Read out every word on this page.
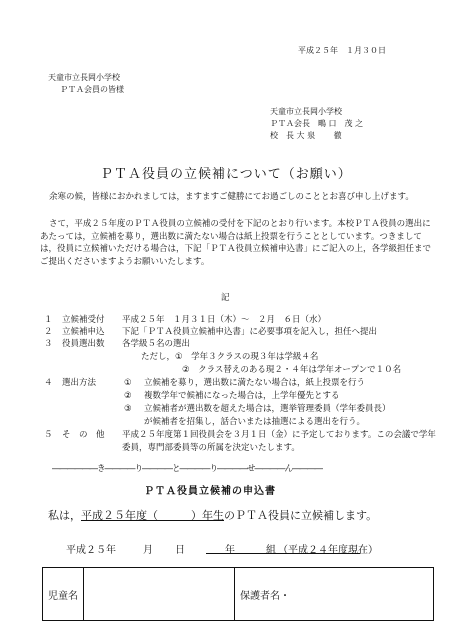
平成２５年　１月３０日
天童市立長岡小学校
ＰＴＡ会員の皆様
天童市立長岡小学校
ＰＴＡ会長　鴫 口　茂 之
校　長 大 泉　　 徹
ＰＴＡ役員の立候補について（お願い）
余寒の候，皆様におかれましては，ますますご健勝にてお過ごしのこととお喜び申し上げます。
さて，平成２５年度のＰＴＡ役員の立候補の受付を下記のとおり行います。本校ＰＴＡ役員の選出にあたっては，立候補を募り，選出数に満たない場合は紙上投票を行うこととしています。つきましては，役員に立候補いただける場合は，下記「ＰＴＡ役員立候補申込書」にご記入の上，各学級担任までご提出くださいますようお願いいたします。
記
１ 立候補受付 平成２５年　１月３１日（木）～　２月　６日（水）
２ 立候補申込 下記「ＰＴＡ役員立候補申込書」に必要事項を記入し，担任へ提出
３ 役員選出数 各学級５名の選出
ただし，①　学年３クラスの現３年は学級４名
②　クラス替えのある現２・４年は学年オープンで１０名
４ 選出方法	① 立候補を募り，選出数に満たない場合は，紙上投票を行う
② 複数学年で候補になった場合は，上学年優先とする
③ 立候補者が選出数を超えた場合は，選挙管理委員（学年委員長）
が候補者を招集し，話合いまたは抽選による選出を行う。
５ そ　の　他 平成２５年度第１回役員会を３月１日（金）に予定しております。この会議で学年委員，専門部委員等の所属を決定いたします。
――――――き――――り――――と――――り――――せ――――ん――――
ＰＴＡ役員立候補の申込書
私は，平成２５年度（　　　）年生のＰＴＡ役員に立候補します。
平成２５年	月 日	年	組 （平成２４年度現在）
児童名	保護者名 ・
